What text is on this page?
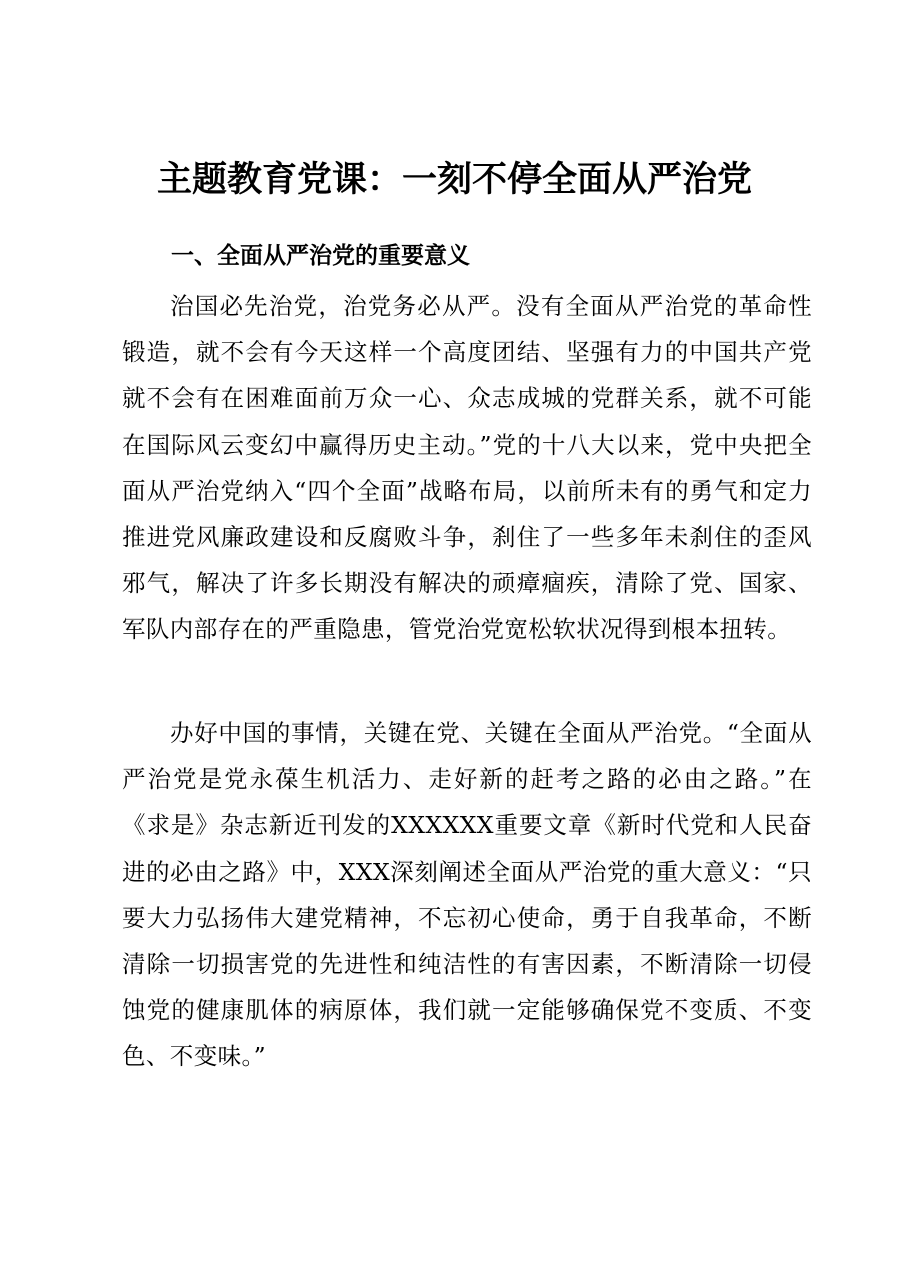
主题教育党课：一刻不停全面从严治党
一、全面从严治党的重要意义

治国必先治党，治党务必从严。没有全面从严治党的革命性锻造，就不会有今天这样一个高度团结、坚强有力的中国共产党就不会有在困难面前万众一心、众志成城的党群关系，就不可能在国际风云变幻中赢得历史主动。”党的十八大以来，党中央把全面从严治党纳入“四个全面”战略布局，以前所未有的勇气和定力推进党风廉政建设和反腐败斗争，刹住了一些多年未刹住的歪风邪气，解决了许多长期没有解决的顽瘴痼疾，清除了党、国家、军队内部存在的严重隐患，管党治党宽松软状况得到根本扭转。

办好中国的事情，关键在党、关键在全面从严治党。“全面从严治党是党永葆生机活力、走好新的赶考之路的必由之路。”在《求是》杂志新近刊发的XXXXXX重要文章《新时代党和人民奋进的必由之路》中，XXX深刻阐述全面从严治党的重大意义：“只要大力弘扬伟大建党精神，不忘初心使命，勇于自我革命，不断清除一切损害党的先进性和纯洁性的有害因素，不断清除一切侵蚀党的健康肌体的病原体，我们就一定能够确保党不变质、不变色、不变味。”
